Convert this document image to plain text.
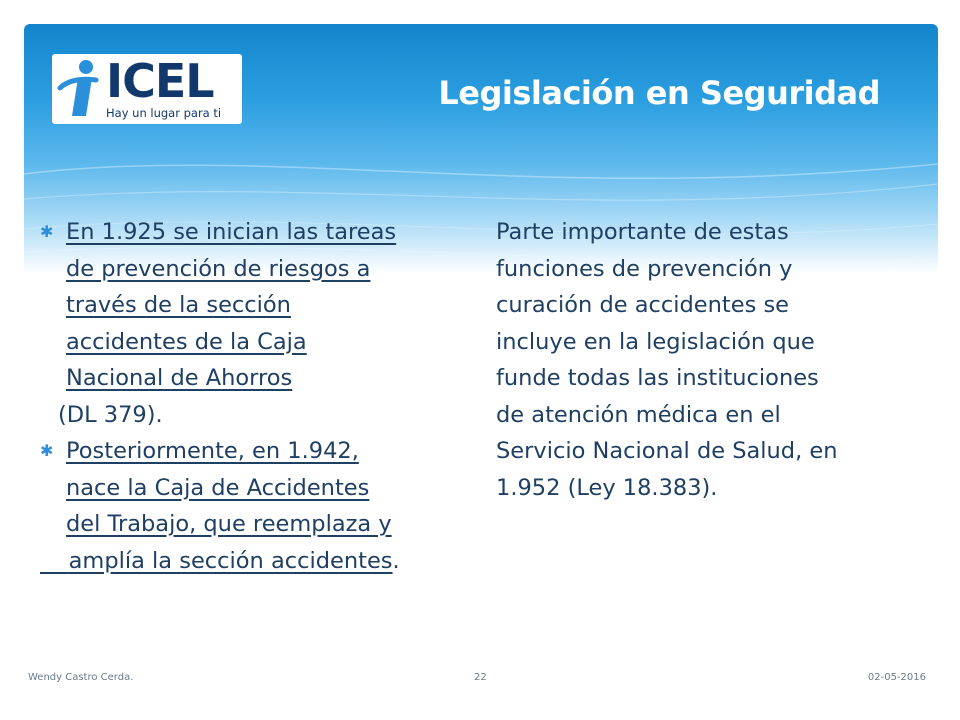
ICEL
Hay un lugar para ti
Legislación en Seguridad
✱ En 1.925 se inician las tareas
de prevención de riesgos a
través de la sección
accidentes de la Caja
Nacional de Ahorros
(DL 379).
✱ Posteriormente, en 1.942,
nace la Caja de Accidentes
del Trabajo, que reemplaza y
amplía la sección accidentes.
Parte importante de estas
funciones de prevención y
curación de accidentes se
incluye en la legislación que
funde todas las instituciones
de atención médica en el
Servicio Nacional de Salud, en
1.952 (Ley 18.383).
Wendy Castro Cerda.	22	02-05-2016
